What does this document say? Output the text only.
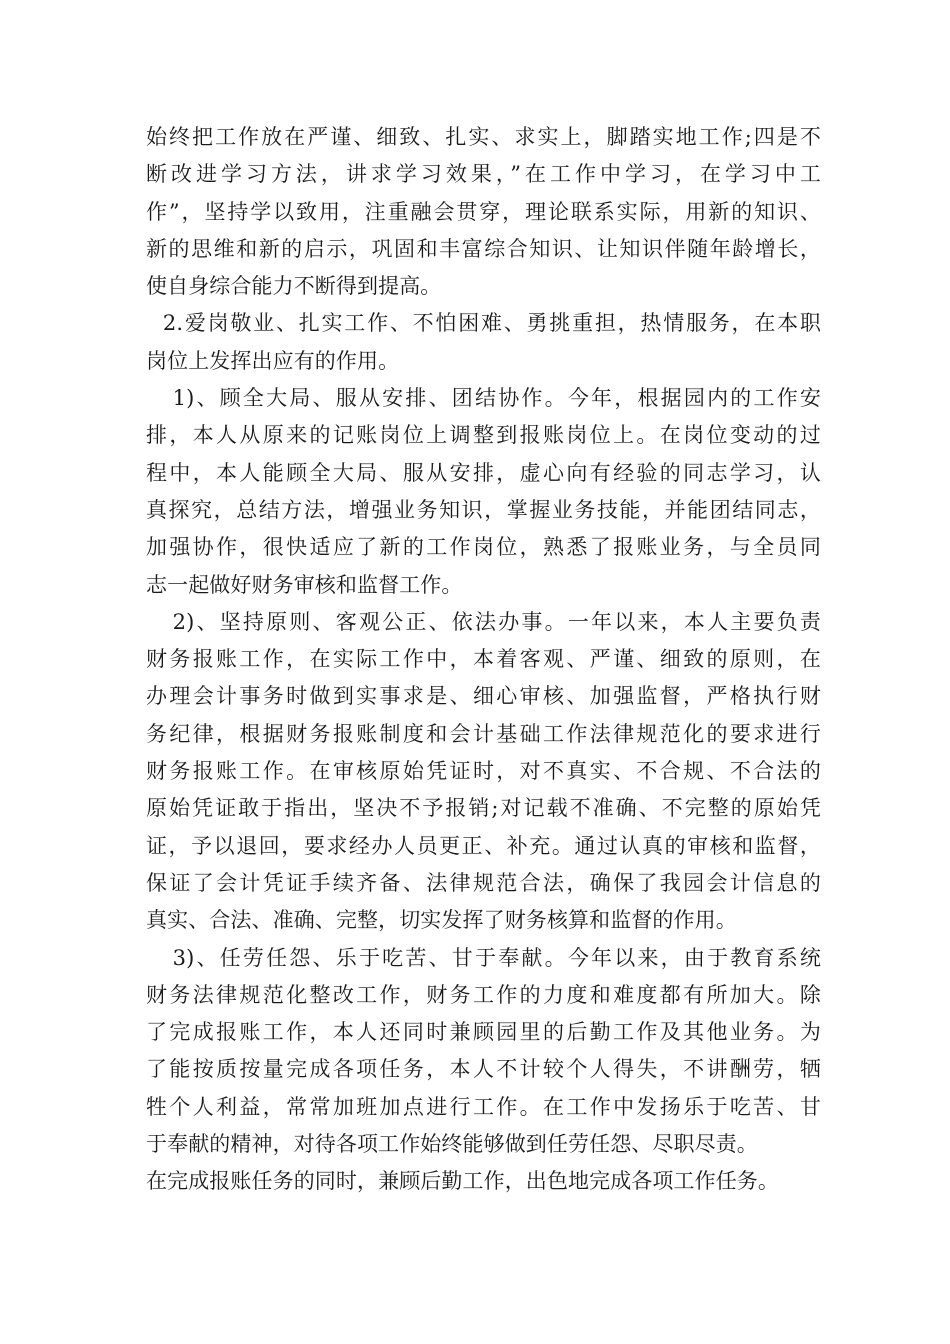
始终把工作放在严谨、细致、扎实、求实上，脚踏实地工作;四是不
断改进学习方法，讲求学习效果，”在工作中学习，在学习中工
作”，坚持学以致用，注重融会贯穿，理论联系实际，用新的知识、
新的思维和新的启示，巩固和丰富综合知识、让知识伴随年龄增长，
使自身综合能力不断得到提高。
2.爱岗敬业、扎实工作、不怕困难、勇挑重担，热情服务，在本职
岗位上发挥出应有的作用。
1)、顾全大局、服从安排、团结协作。今年，根据园内的工作安
排，本人从原来的记账岗位上调整到报账岗位上。在岗位变动的过
程中，本人能顾全大局、服从安排，虚心向有经验的同志学习，认
真探究，总结方法，增强业务知识，掌握业务技能，并能团结同志，
加强协作，很快适应了新的工作岗位，熟悉了报账业务，与全员同
志一起做好财务审核和监督工作。
2)、坚持原则、客观公正、依法办事。一年以来，本人主要负责
财务报账工作，在实际工作中，本着客观、严谨、细致的原则，在
办理会计事务时做到实事求是、细心审核、加强监督，严格执行财
务纪律，根据财务报账制度和会计基础工作法律规范化的要求进行
财务报账工作。在审核原始凭证时，对不真实、不合规、不合法的
原始凭证敢于指出，坚决不予报销;对记载不准确、不完整的原始凭
证，予以退回，要求经办人员更正、补充。通过认真的审核和监督，
保证了会计凭证手续齐备、法律规范合法，确保了我园会计信息的
真实、合法、准确、完整，切实发挥了财务核算和监督的作用。
3)、任劳任怨、乐于吃苦、甘于奉献。今年以来，由于教育系统
财务法律规范化整改工作，财务工作的力度和难度都有所加大。除
了完成报账工作，本人还同时兼顾园里的后勤工作及其他业务。为
了能按质按量完成各项任务，本人不计较个人得失，不讲酬劳，牺
牲个人利益，常常加班加点进行工作。在工作中发扬乐于吃苦、甘
于奉献的精神，对待各项工作始终能够做到任劳任怨、尽职尽责。
在完成报账任务的同时，兼顾后勤工作，出色地完成各项工作任务。
